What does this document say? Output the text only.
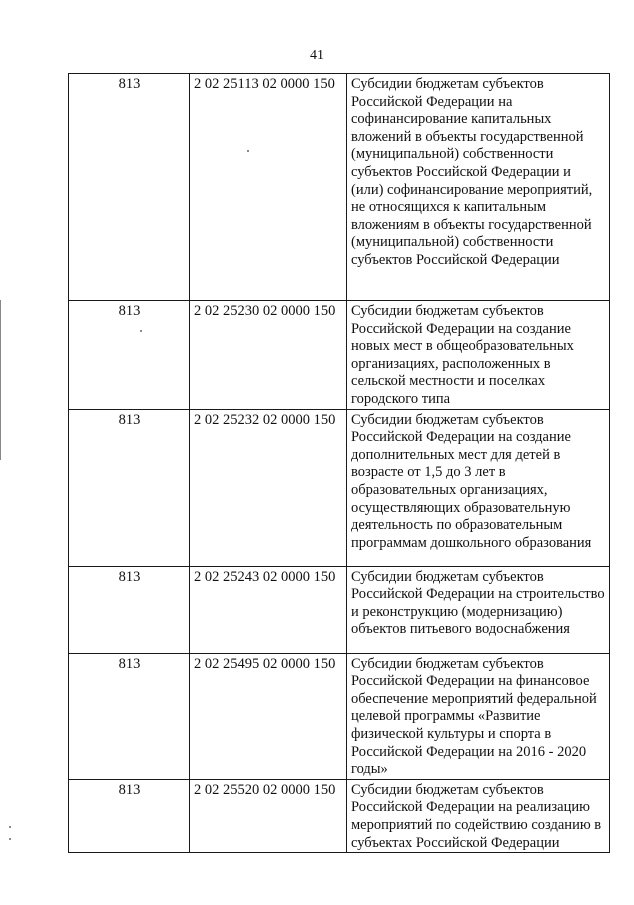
41
813	2 02 25113 02 0000 150	Субсидии бюджетам субъектов Российской Федерации на софинансирование капитальных вложений в объекты государственной (муниципальной) собственности субъектов Российской Федерации и (или) софинансирование мероприятий, не относящихся к капитальным вложениям в объекты государственной (муниципальной) собственности субъектов Российской Федерации
813	2 02 25230 02 0000 150	Субсидии бюджетам субъектов Российской Федерации на создание новых мест в общеобразовательных организациях, расположенных в сельской местности и поселках городского типа
813	2 02 25232 02 0000 150	Субсидии бюджетам субъектов Российской Федерации на создание дополнительных мест для детей в возрасте от 1,5 до 3 лет в образовательных организациях, осуществляющих образовательную деятельность по образовательным программам дошкольного образования
813	2 02 25243 02 0000 150	Субсидии бюджетам субъектов Российской Федерации на строительство и реконструкцию (модернизацию) объектов питьевого водоснабжения
813	2 02 25495 02 0000 150	Субсидии бюджетам субъектов Российской Федерации на финансовое обеспечение мероприятий федеральной целевой программы «Развитие физической культуры и спорта в Российской Федерации на 2016 - 2020 годы»
813	2 02 25520 02 0000 150	Субсидии бюджетам субъектов Российской Федерации на реализацию мероприятий по содействию созданию в субъектах Российской Федерации
